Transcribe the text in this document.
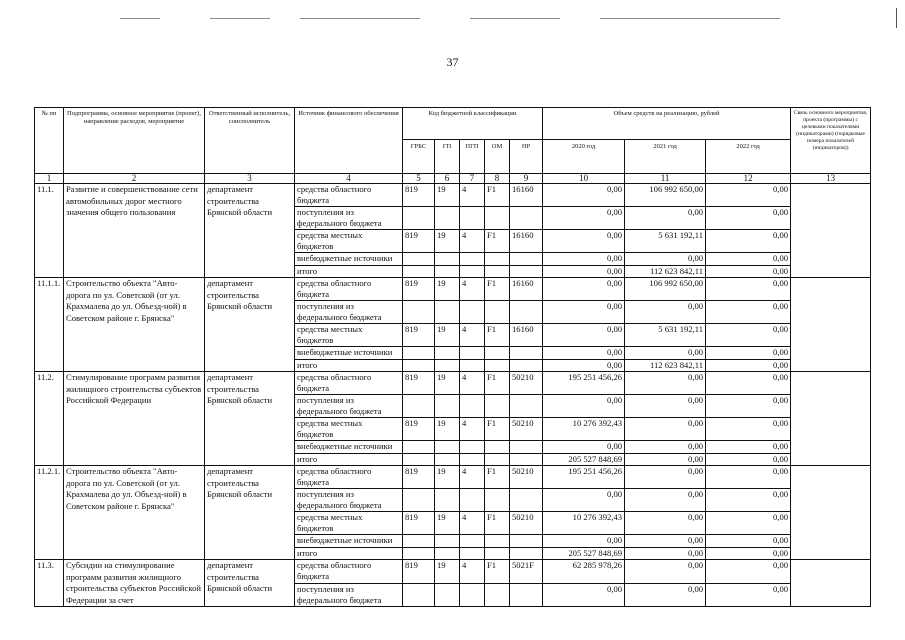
37
№ пп	Подпрограмма, основное мероприятие (проект), направление расходов, мероприятие	Ответственный исполнитель, соисполнитель	Источник финансового обеспечения	Код бюджетной классификации					Объем средств на реализацию, рублей			Связь основного мероприятия, проекта (программы) с целевыми показателями (индикаторами) (порядковые номера показателей (индикаторов))
				ГРБС	ГП	ПГП	ОМ	НР	2020 год	2021 год	2022 год	
1	2	3	4	5	6	7	8	9	10	11	12	13
11.1.	Развитие и совершенствование сети автомобильных дорог местного значения общего пользования	департамент строительства Брянской области	средства областного бюджета	819	19	4	F1	16160	0,00	106 992 650,00	0,00	
			поступления из федерального бюджета						0,00	0,00	0,00	
			средства местных бюджетов	819	19	4	F1	16160	0,00	5 631 192,11	0,00	
			внебюджетные источники						0,00	0,00	0,00	
			итого						0,00	112 623 842,11	0,00	
11.1.1.	Строительство объекта "Авто-дорога по ул. Советской (от ул. Крахмалева до ул. Объезд-ной) в Советском районе г. Брянска"	департамент строительства Брянской области	средства областного бюджета	819	19	4	F1	16160	0,00	106 992 650,00	0,00	
			поступления из федерального бюджета						0,00	0,00	0,00	
			средства местных бюджетов	819	19	4	F1	16160	0,00	5 631 192,11	0,00	
			внебюджетные источники						0,00	0,00	0,00	
			итого						0,00	112 623 842,11	0,00	
11.2.	Стимулирование программ развития жилищного строительства субъектов Российской Федерации	департамент строительства Брянской области	средства областного бюджета	819	19	4	F1	50210	195 251 456,26	0,00	0,00	
			поступления из федерального бюджета						0,00	0,00	0,00	
			средства местных бюджетов	819	19	4	F1	50210	10 276 392,43	0,00	0,00	
			внебюджетные источники						0,00	0,00	0,00	
			итого						205 527 848,69	0,00	0,00	
11.2.1.	Строительство объекта "Авто-дорога по ул. Советской (от ул. Крахмалева до ул. Объезд-ной) в Советском районе г. Брянска"	департамент строительства Брянской области	средства областного бюджета	819	19	4	F1	50210	195 251 456,26	0,00	0,00	
			поступления из федерального бюджета						0,00	0,00	0,00	
			средства местных бюджетов	819	19	4	F1	50210	10 276 392,43	0,00	0,00	
			внебюджетные источники						0,00	0,00	0,00	
			итого						205 527 848,69	0,00	0,00	
11.3.	Субсидии на стимулирование программ развития жилищного строительства субъектов Российской Федерации за счет	департамент строительства Брянской области	средства областного бюджета	819	19	4	F1	5021F	62 285 978,26	0,00	0,00	
			поступления из федерального бюджета						0,00	0,00	0,00	
